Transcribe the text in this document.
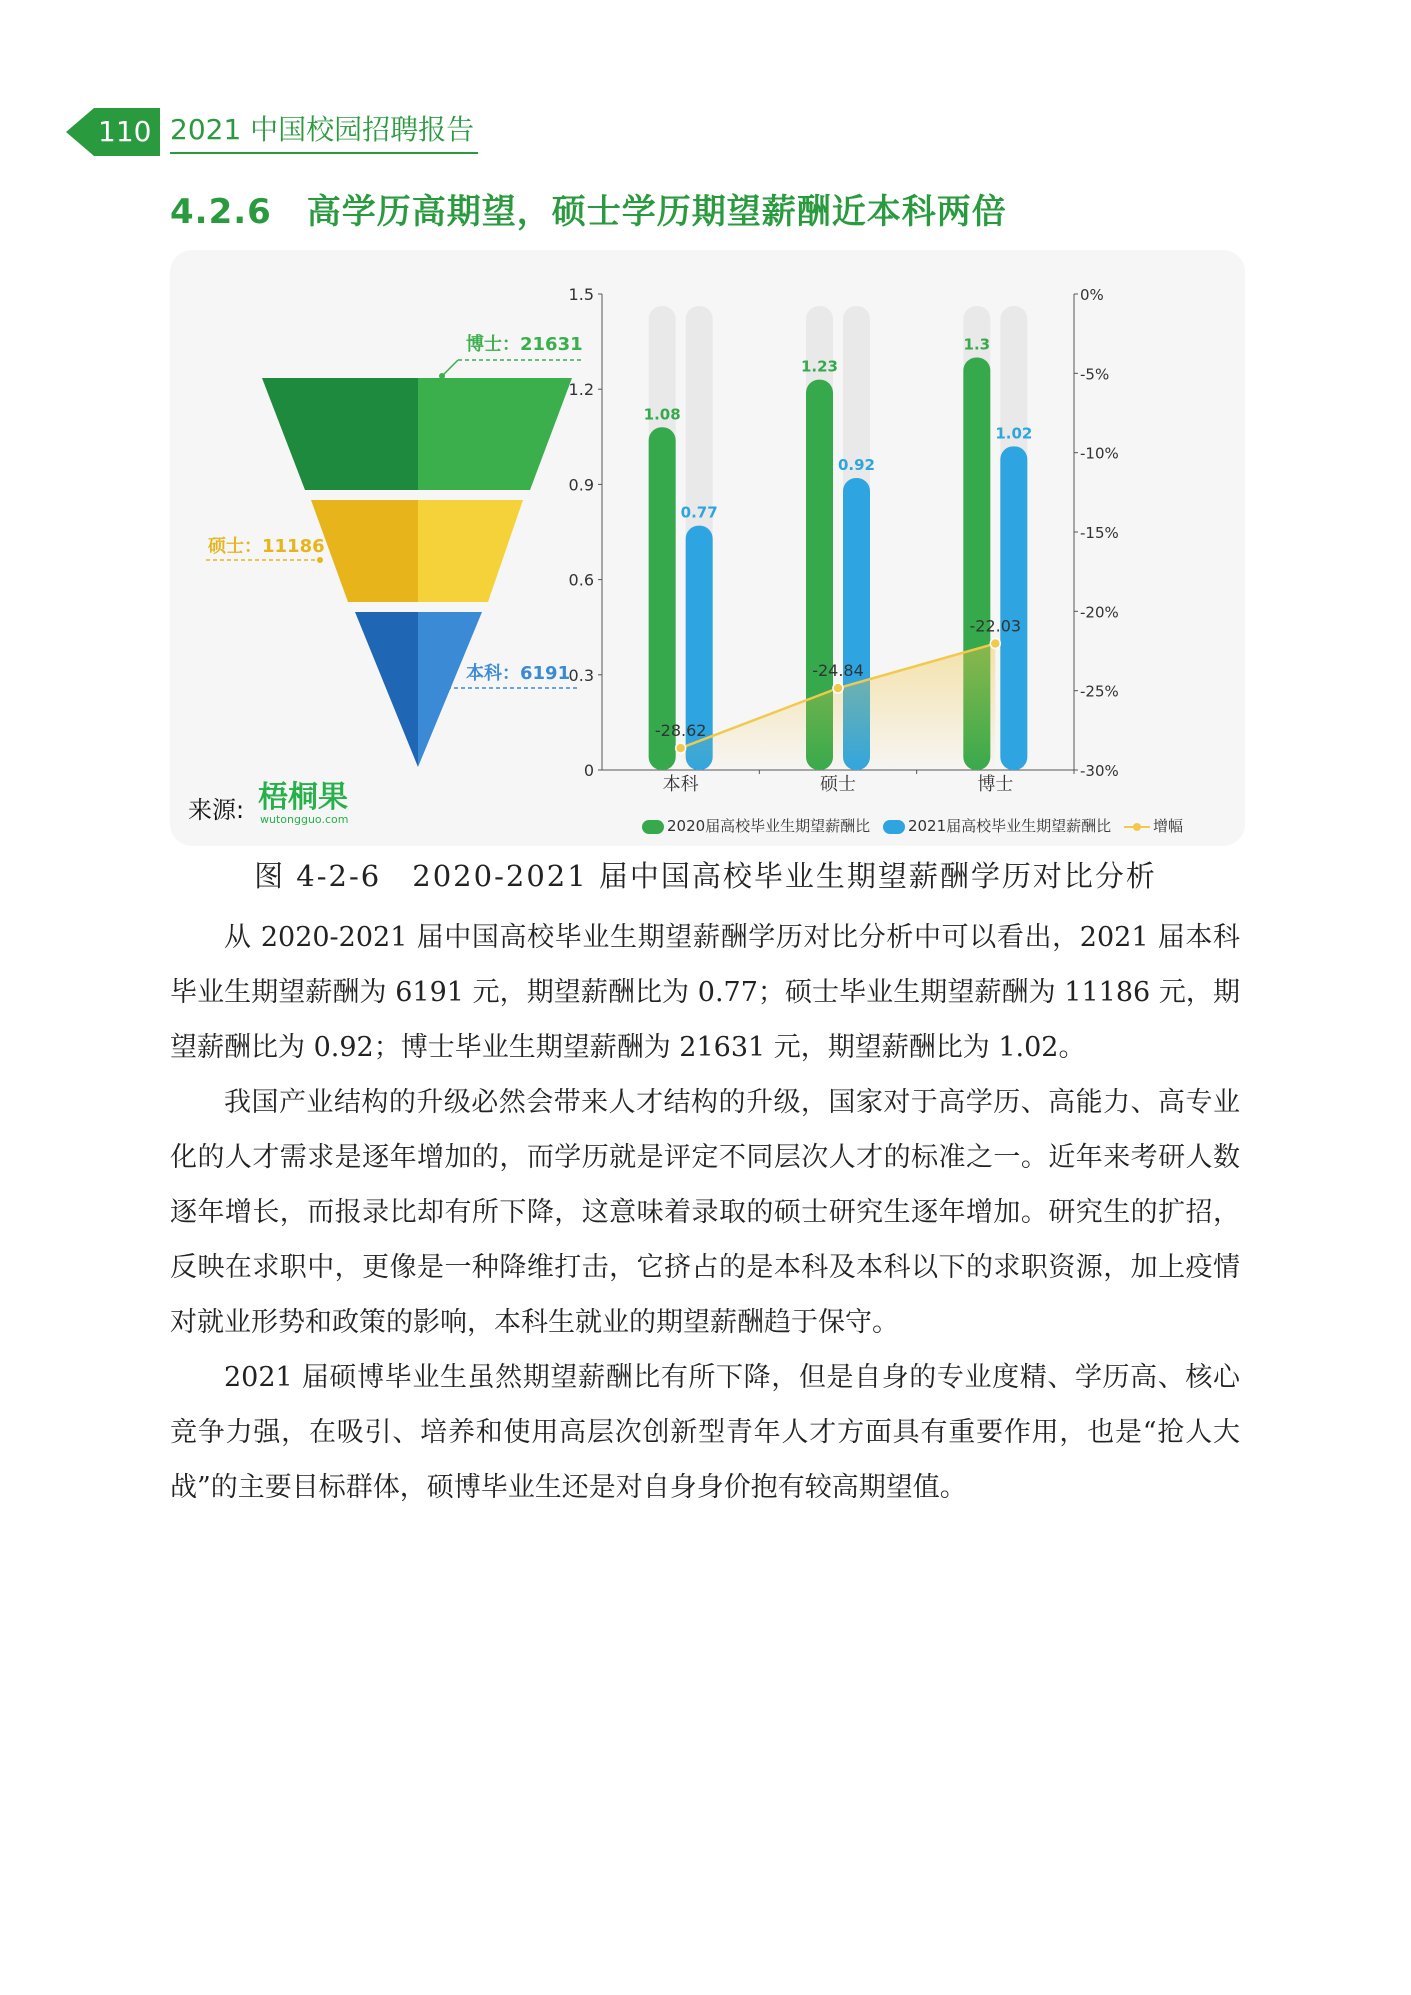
110 2021 中国校园招聘报告
4.2.6　高学历高期望，硕士学历期望薪酬近本科两倍
博士：21631
硕士：11186
本科：6191
0
0.3
0.6
0.9
1.2
1.5
-30%
-25%
-20%
-15%
-10%
-5%
0%
1.08
0.77
本科
1.23
0.92
硕士
1.3
1.02
博士
-28.62
-24.84
-22.03
来源: 梧桐果
wutongguo.com	2020届高校毕业生期望薪酬比	2021届高校毕业生期望薪酬比	增幅
图 4-2-6　2020-2021 届中国高校毕业生期望薪酬学历对比分析

从 2020-2021 届中国高校毕业生期望薪酬学历对比分析中可以看出，2021 届本科毕业生期望薪酬为 6191 元，期望薪酬比为 0.77；硕士毕业生期望薪酬为 11186 元，期望薪酬比为 0.92；博士毕业生期望薪酬为 21631 元，期望薪酬比为 1.02。

我国产业结构的升级必然会带来人才结构的升级，国家对于高学历、高能力、高专业化的人才需求是逐年增加的，而学历就是评定不同层次人才的标准之一。近年来考研人数逐年增长，而报录比却有所下降，这意味着录取的硕士研究生逐年增加。研究生的扩招，反映在求职中，更像是一种降维打击，它挤占的是本科及本科以下的求职资源，加上疫情对就业形势和政策的影响，本科生就业的期望薪酬趋于保守。

2021 届硕博毕业生虽然期望薪酬比有所下降，但是自身的专业度精、学历高、核心竞争力强，在吸引、培养和使用高层次创新型青年人才方面具有重要作用，也是“抢人大战”的主要目标群体，硕博毕业生还是对自身身价抱有较高期望值。
